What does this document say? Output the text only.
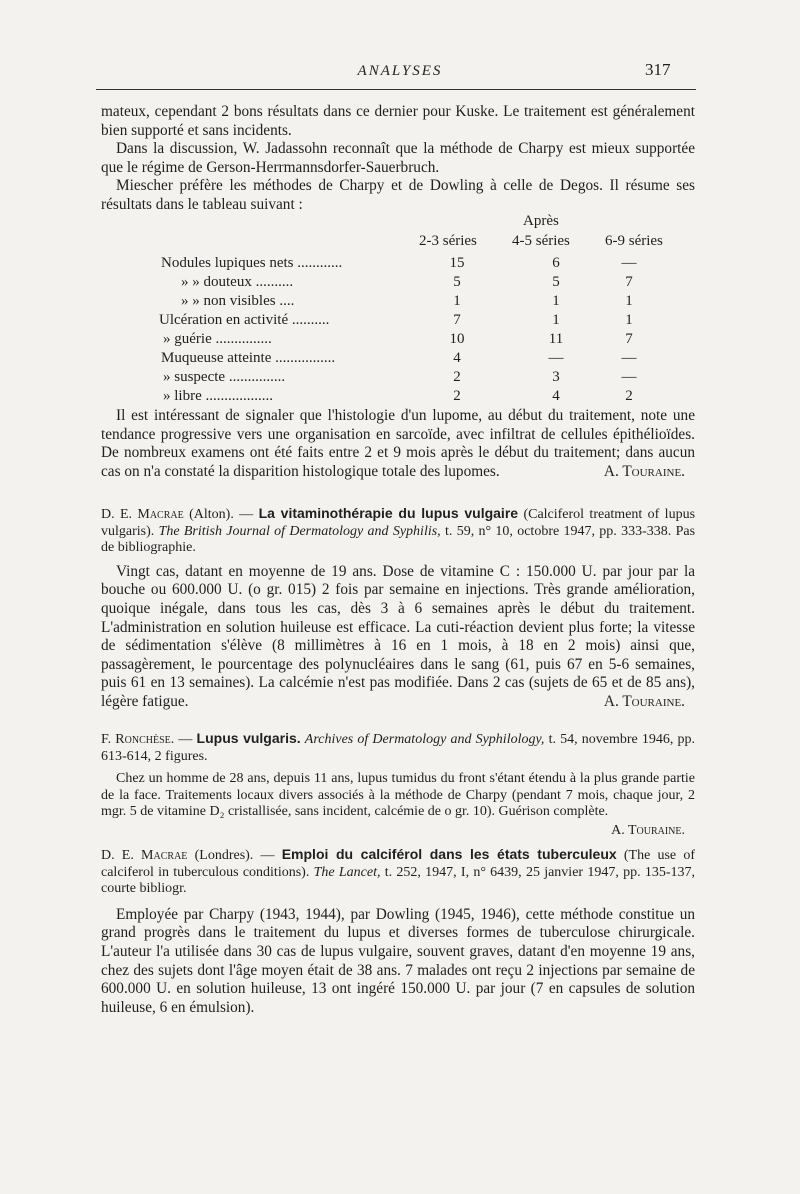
ANALYSES	317

mateux, cependant 2 bons résultats dans ce dernier pour Kuske. Le traitement est généralement bien supporté et sans incidents.

Dans la discussion, W. Jadassohn reconnaît que la méthode de Charpy est mieux supportée que le régime de Gerson-Herrmannsdorfer-Sauerbruch.

Miescher préfère les méthodes de Charpy et de Dowling à celle de Degos. Il résume ses résultats dans le tableau suivant :

Après
2-3 séries 4-5 séries 6-9 séries
Nodules lupiques nets ............	15	6	—
» » douteux ..........	5	5	7
» » non visibles ....	1	1	1
Ulcération en activité ..........	7	1	1
» guérie ...............	10	11	7
Muqueuse atteinte ................	4	—	—
» suspecte ...............	2	3	—
» libre ..................	2	4	2

Il est intéressant de signaler que l'histologie d'un lupome, au début du traitement, note une tendance progressive vers une organisation en sarcoïde, avec infiltrat de cellules épithélioïdes. De nombreux examens ont été faits entre 2 et 9 mois après le début du traitement; dans aucun cas on n'a constaté la disparition histologique totale des lupomes.	A. Touraine.

D. E. Macrae (Alton). — La vitaminothérapie du lupus vulgaire (Calciferol treatment of lupus vulgaris). The British Journal of Dermatology and Syphilis, t. 59, n° 10, octobre 1947, pp. 333-338. Pas de bibliographie.

Vingt cas, datant en moyenne de 19 ans. Dose de vitamine C : 150.000 U. par jour par la bouche ou 600.000 U. (o gr. 015) 2 fois par semaine en injections. Très grande amélioration, quoique inégale, dans tous les cas, dès 3 à 6 semaines après le début du traitement. L'administration en solution huileuse est efficace. La cuti-réaction devient plus forte; la vitesse de sédimentation s'élève (8 millimètres à 16 en 1 mois, à 18 en 2 mois) ainsi que, passagèrement, le pourcentage des polynucléaires dans le sang (61, puis 67 en 5-6 semaines, puis 61 en 13 semaines). La calcémie n'est pas modifiée. Dans 2 cas (sujets de 65 et de 85 ans), légère fatigue.	A. Touraine.

F. Ronchèse. — Lupus vulgaris. Archives of Dermatology and Syphilology, t. 54, novembre 1946, pp. 613-614, 2 figures.

Chez un homme de 28 ans, depuis 11 ans, lupus tumidus du front s'étant étendu à la plus grande partie de la face. Traitements locaux divers associés à la méthode de Charpy (pendant 7 mois, chaque jour, 2 mgr. 5 de vitamine D₂ cristallisée, sans incident, calcémie de o gr. 10). Guérison complète.

A. Touraine.

D. E. Macrae (Londres). — Emploi du calciférol dans les états tuberculeux (The use of calciferol in tuberculous conditions). The Lancet, t. 252, 1947, I, n° 6439, 25 janvier 1947, pp. 135-137, courte bibliogr.

Employée par Charpy (1943, 1944), par Dowling (1945, 1946), cette méthode constitue un grand progrès dans le traitement du lupus et diverses formes de tuberculose chirurgicale. L'auteur l'a utilisée dans 30 cas de lupus vulgaire, souvent graves, datant d'en moyenne 19 ans, chez des sujets dont l'âge moyen était de 38 ans. 7 malades ont reçu 2 injections par semaine de 600.000 U. en solution huileuse, 13 ont ingéré 150.000 U. par jour (7 en capsules de solution huileuse, 6 en émulsion).
